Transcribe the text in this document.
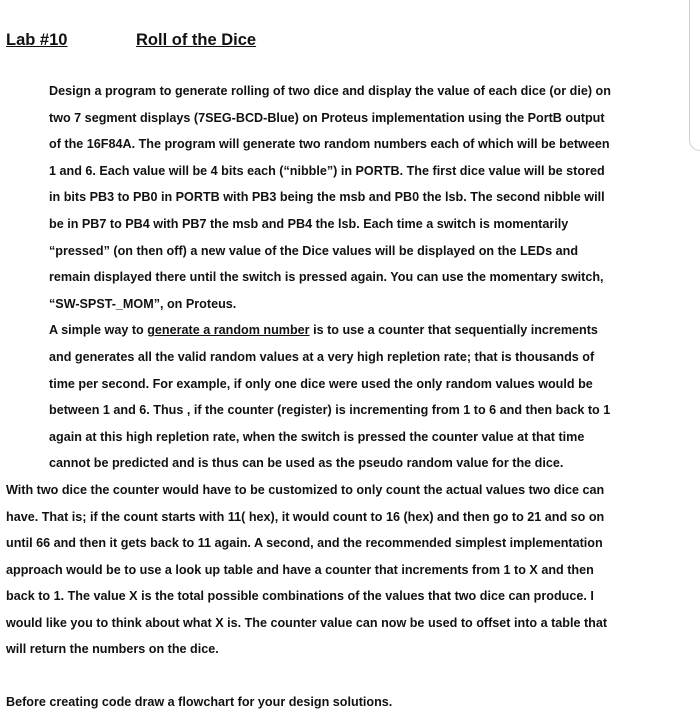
Lab #10	Roll of the Dice

Design a program to generate rolling of two dice and display the value of each dice (or die) on two 7 segment displays (7SEG-BCD-Blue) on Proteus implementation using the PortB output of the 16F84A. The program will generate two random numbers each of which will be between 1 and 6. Each value will be 4 bits each (“nibble”) in PORTB. The first dice value will be stored in bits PB3 to PB0 in PORTB with PB3 being the msb and PB0 the lsb. The second nibble will be in PB7 to PB4 with PB7 the msb and PB4 the lsb. Each time a switch is momentarily “pressed” (on then off) a new value of the Dice values will be displayed on the LEDs and remain displayed there until the switch is pressed again. You can use the momentary switch, “SW-SPST-_MOM”, on Proteus.

A simple way to generate a random number is to use a counter that sequentially increments and generates all the valid random values at a very high repletion rate; that is thousands of time per second. For example, if only one dice were used the only random values would be between 1 and 6. Thus , if the counter (register) is incrementing from 1 to 6 and then back to 1 again at this high repletion rate, when the switch is pressed the counter value at that time cannot be predicted and is thus can be used as the pseudo random value for the dice.

With two dice the counter would have to be customized to only count the actual values two dice can have. That is; if the count starts with 11( hex), it would count to 16 (hex) and then go to 21 and so on until 66 and then it gets back to 11 again. A second, and the recommended simplest implementation approach would be to use a look up table and have a counter that increments from 1 to X and then back to 1. The value X is the total possible combinations of the values that two dice can produce. I would like you to think about what X is. The counter value can now be used to offset into a table that will return the numbers on the dice.

Before creating code draw a flowchart for your design solutions.
